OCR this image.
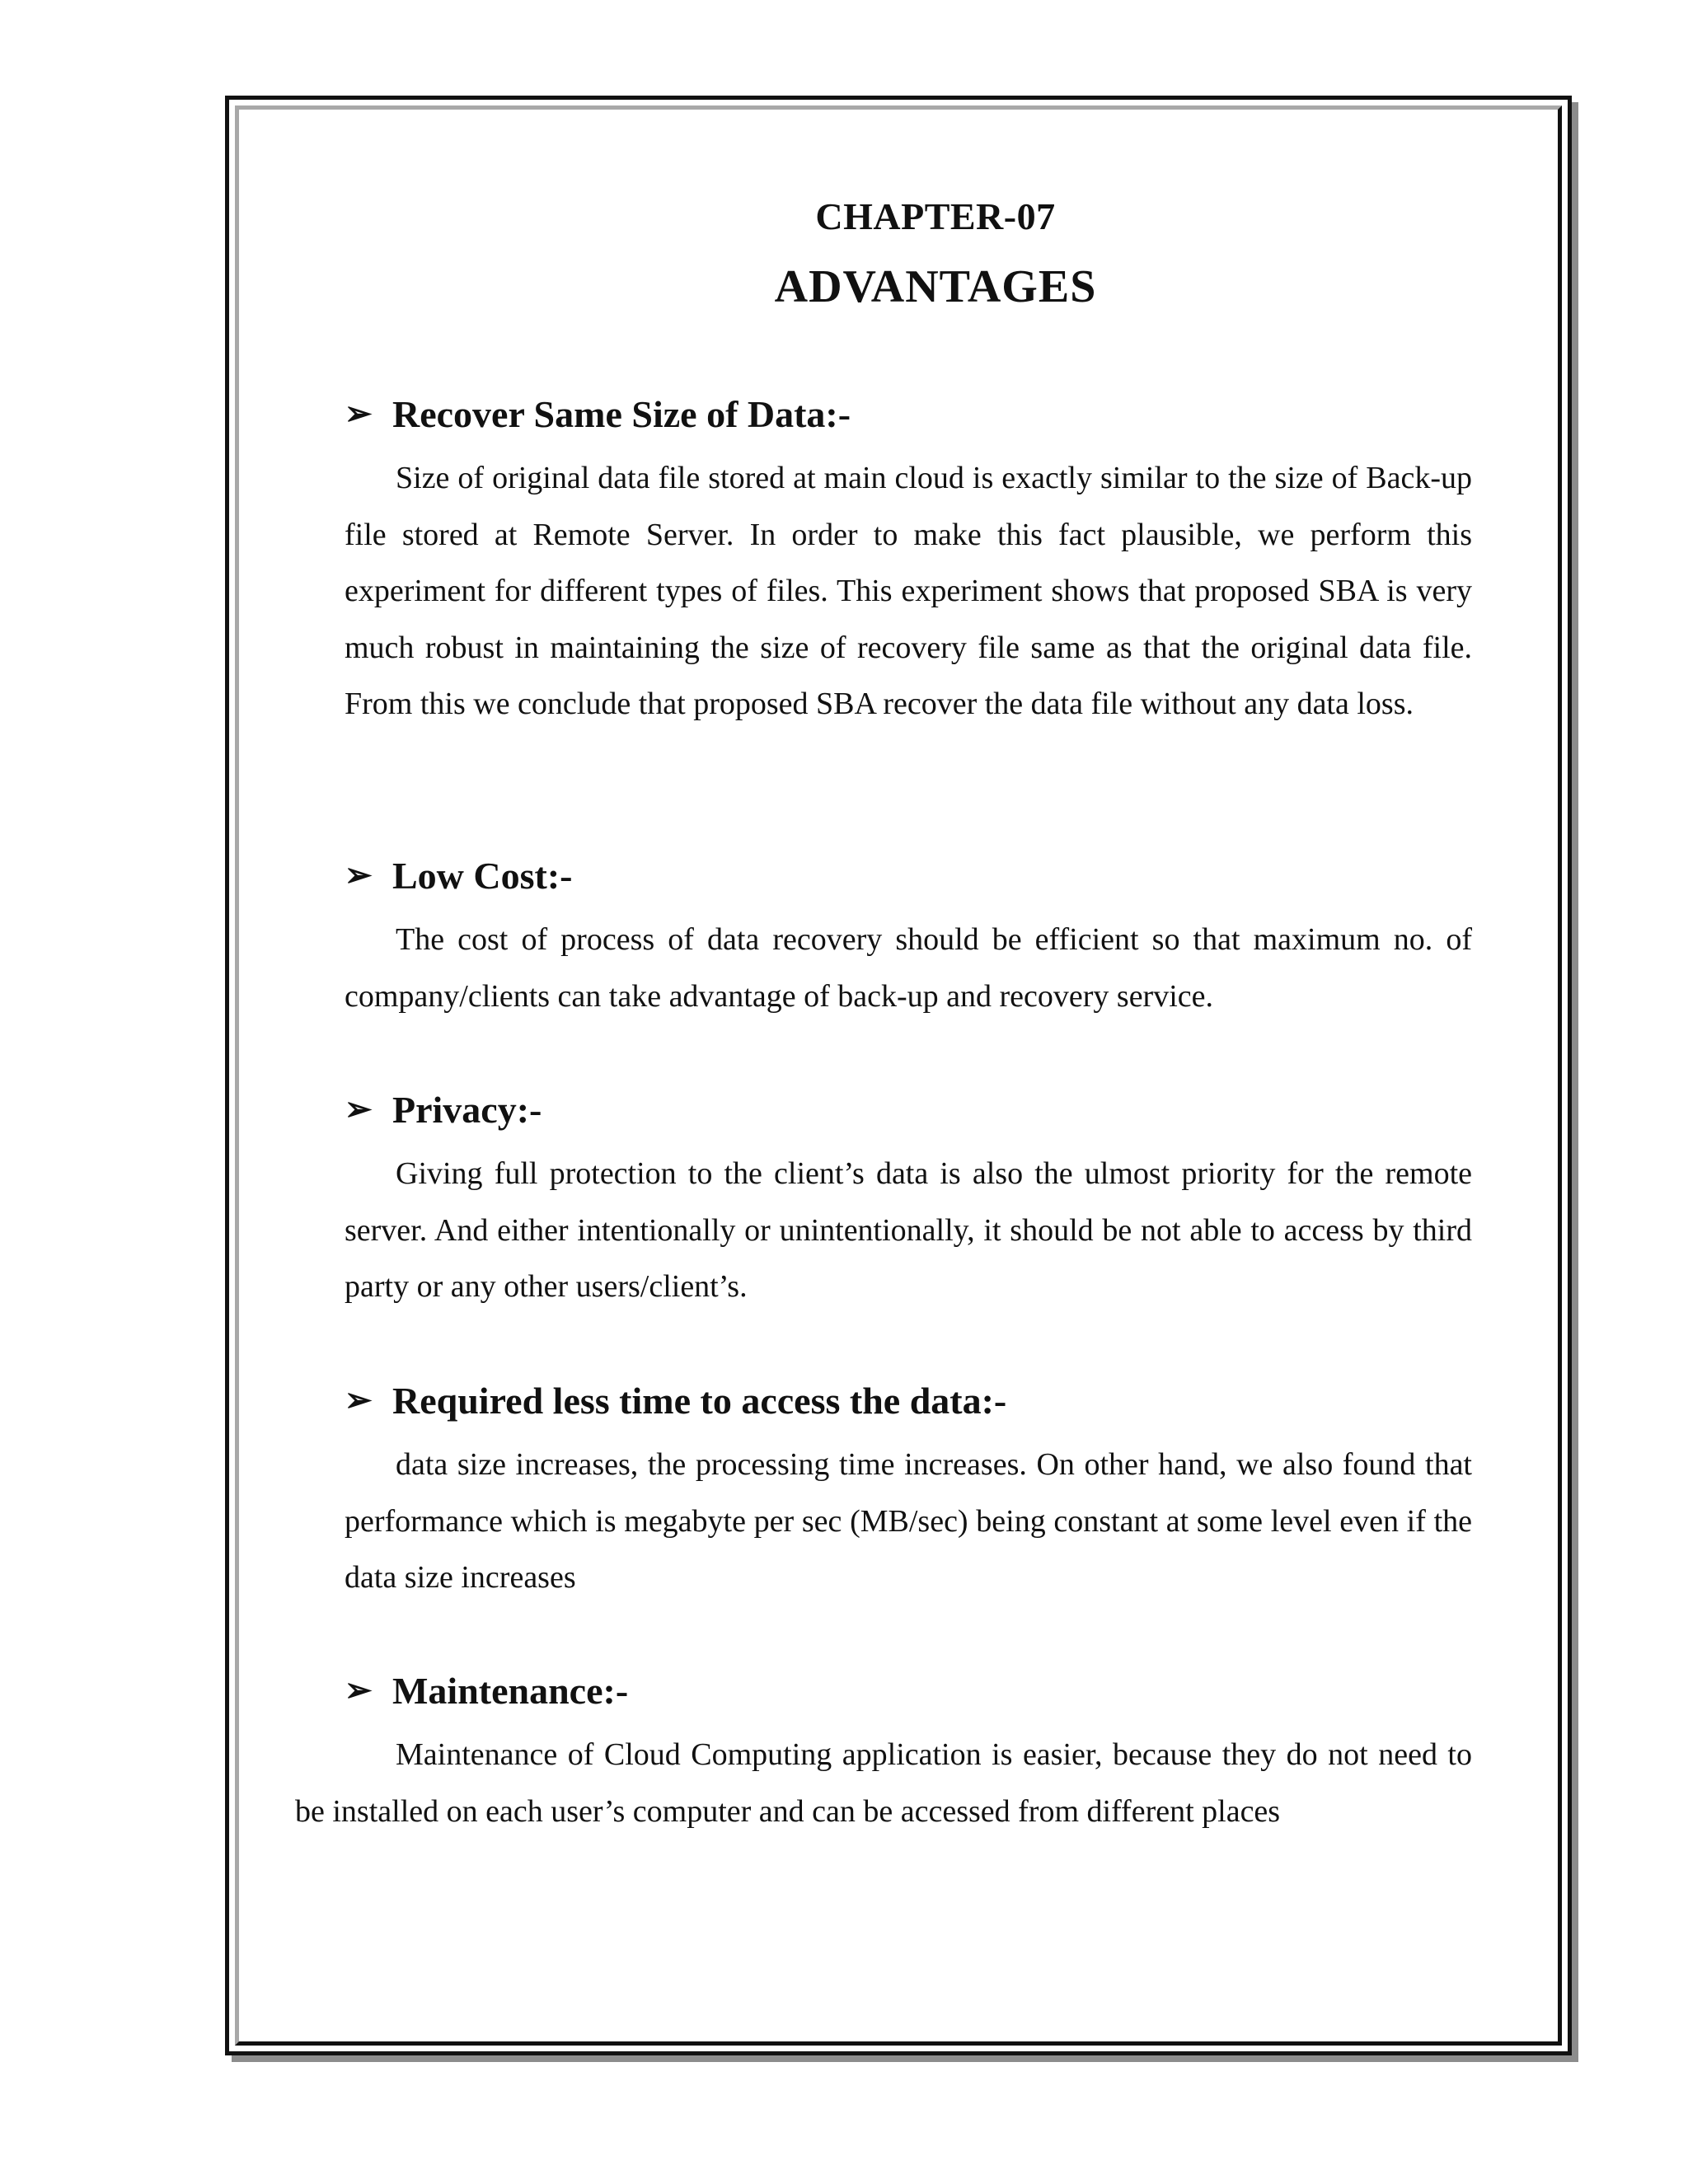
CHAPTER-07
ADVANTAGES
➢ Recover Same Size of Data:-
Size of original data file stored at main cloud is exactly similar to the size of Back-up file stored at Remote Server. In order to make this fact plausible, we perform this experiment for different types of files. This experiment shows that proposed SBA is very much robust in maintaining the size of recovery file same as that the original data file. From this we conclude that proposed SBA recover the data file without any data loss.
➢ Low Cost:-
The cost of process of data recovery should be efficient so that maximum no. of company/clients can take advantage of back-up and recovery service.
➢ Privacy:-
Giving full protection to the client’s data is also the ulmost priority for the remote server. And either intentionally or unintentionally, it should be not able to access by third party or any other users/client’s.
➢ Required less time to access the data:-
data size increases, the processing time increases. On other hand, we also found that performance which is megabyte per sec (MB/sec) being constant at some level even if the data size increases
➢ Maintenance:-
Maintenance of Cloud Computing application is easier, because they do not need to be installed on each user’s computer and can be accessed from different places
